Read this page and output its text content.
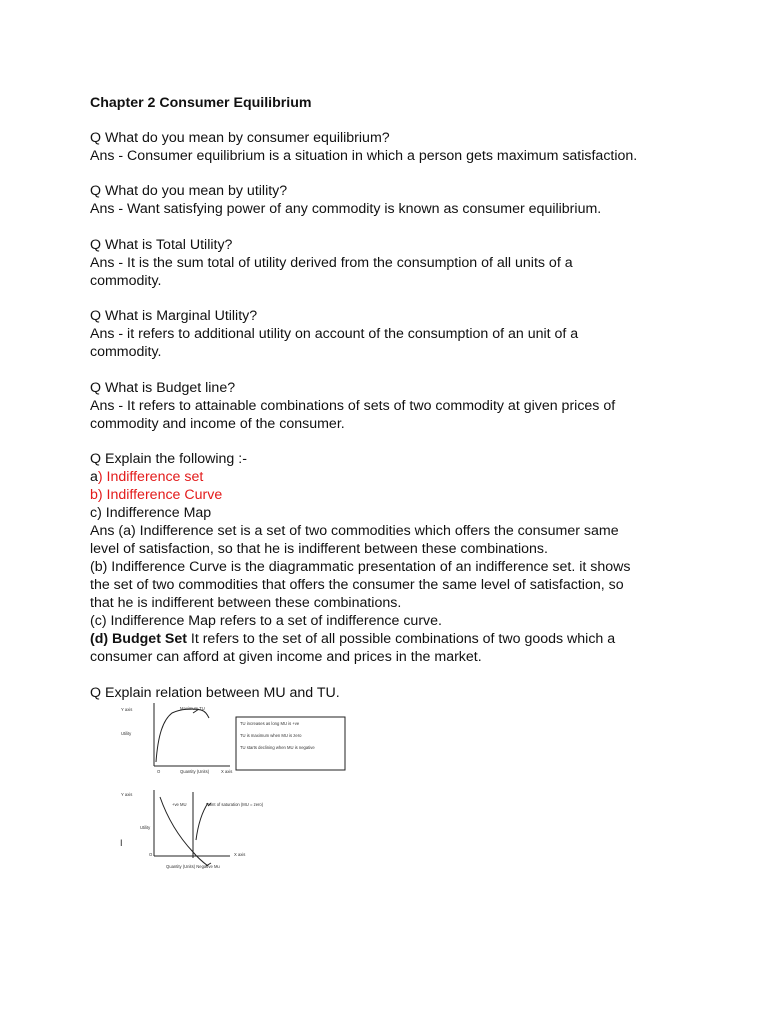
Chapter 2 Consumer Equilibrium

Q What do you mean by consumer equilibrium?

Ans - Consumer equilibrium is a situation in which a person gets maximum satisfaction.

Q What do you mean by utility?

Ans - Want satisfying power of any commodity is known as consumer equilibrium.

Q What is Total Utility?

Ans - It is the sum total of utility derived from the consumption of all units of a

commodity.

Q What is Marginal Utility?

Ans - it refers to additional utility on account of the consumption of an unit of a

commodity.

Q What is Budget line?

Ans - It refers to attainable combinations of sets of two commodity at given prices of

commodity and income of the consumer.

Q Explain the following :-

a) Indifference set

b) Indifference Curve

c) Indifference Map

Ans (a) Indifference set is a set of two commodities which offers the consumer same

level of satisfaction, so that he is indifferent between these combinations.

(b) Indifference Curve is the diagrammatic presentation of an indifference set. it shows

the set of two commodities that offers the consumer the same level of satisfaction, so

that he is indifferent between these combinations.

(c) Indifference Map refers to a set of indifference curve.

(d) Budget Set It refers to the set of all possible combinations of two goods which a

consumer can afford at given income and prices in the market.

Q Explain relation between MU and TU.

Y axis
Utility
O	Quantity (Units)	X axis
Maximum TU
TU increases as long MU is +ve
TU is maximum when MU is zero
TU starts declining when MU is negative
Y axis
Utility
O	X axis
+ve MU	Point of saturation (MU = zero)
Quantity (Units) Negative Mu
I
